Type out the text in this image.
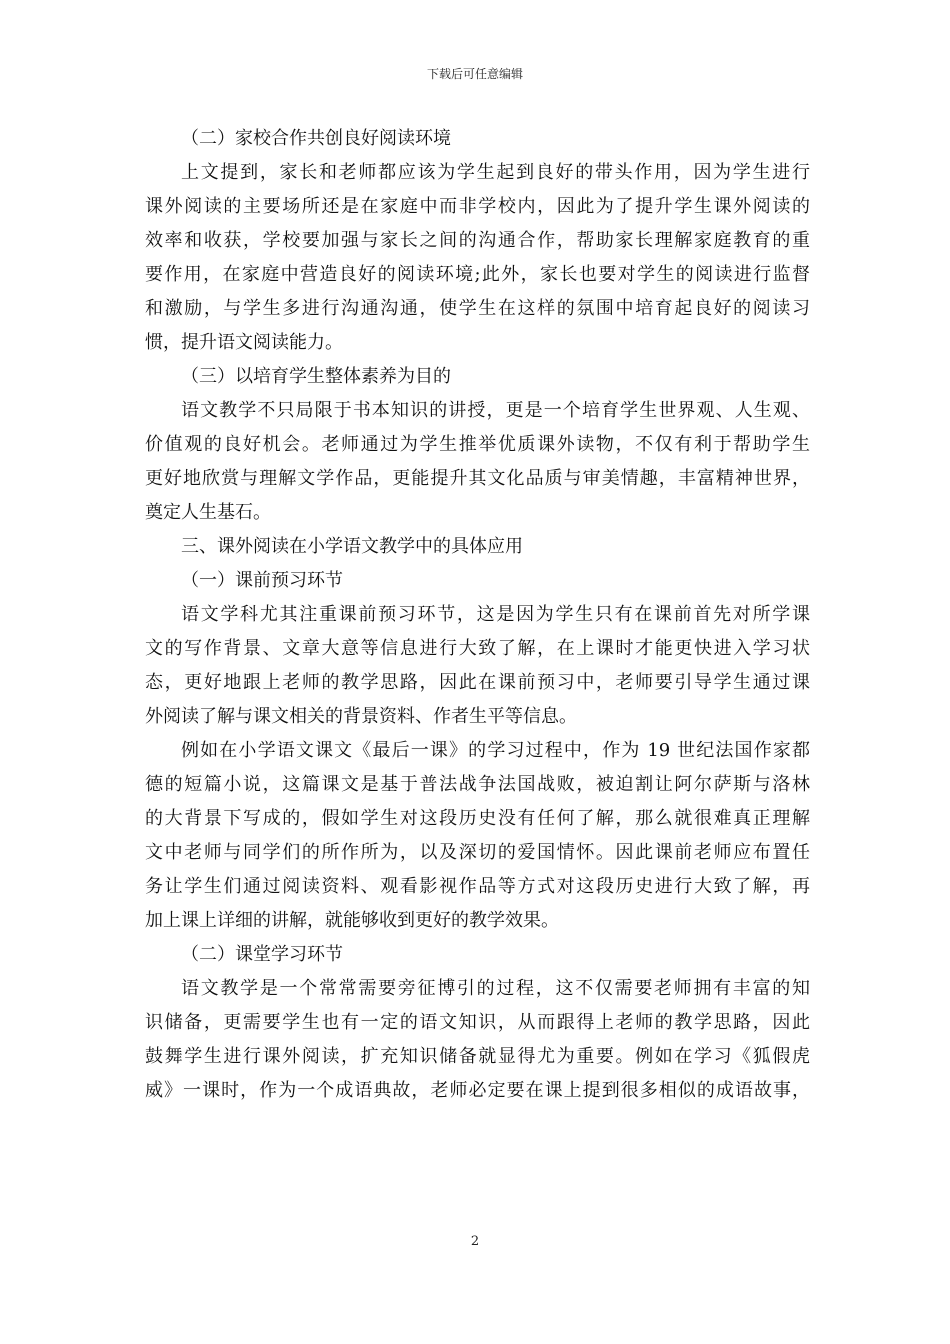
下载后可任意编辑
（二）家校合作共创良好阅读环境
上文提到，家长和老师都应该为学生起到良好的带头作用，因为学生进行
课外阅读的主要场所还是在家庭中而非学校内，因此为了提升学生课外阅读的
效率和收获，学校要加强与家长之间的沟通合作，帮助家长理解家庭教育的重
要作用，在家庭中营造良好的阅读环境;此外，家长也要对学生的阅读进行监督
和激励，与学生多进行沟通沟通，使学生在这样的氛围中培育起良好的阅读习
惯，提升语文阅读能力。
（三）以培育学生整体素养为目的
语文教学不只局限于书本知识的讲授，更是一个培育学生世界观、人生观、
价值观的良好机会。老师通过为学生推举优质课外读物，不仅有利于帮助学生
更好地欣赏与理解文学作品，更能提升其文化品质与审美情趣，丰富精神世界，
奠定人生基石。
三、课外阅读在小学语文教学中的具体应用
（一）课前预习环节
语文学科尤其注重课前预习环节，这是因为学生只有在课前首先对所学课
文的写作背景、文章大意等信息进行大致了解，在上课时才能更快进入学习状
态，更好地跟上老师的教学思路，因此在课前预习中，老师要引导学生通过课
外阅读了解与课文相关的背景资料、作者生平等信息。
例如在小学语文课文《最后一课》的学习过程中，作为 19 世纪法国作家都
德的短篇小说，这篇课文是基于普法战争法国战败，被迫割让阿尔萨斯与洛林
的大背景下写成的，假如学生对这段历史没有任何了解，那么就很难真正理解
文中老师与同学们的所作所为，以及深切的爱国情怀。因此课前老师应布置任
务让学生们通过阅读资料、观看影视作品等方式对这段历史进行大致了解，再
加上课上详细的讲解，就能够收到更好的教学效果。
（二）课堂学习环节
语文教学是一个常常需要旁征博引的过程，这不仅需要老师拥有丰富的知
识储备，更需要学生也有一定的语文知识，从而跟得上老师的教学思路，因此
鼓舞学生进行课外阅读，扩充知识储备就显得尤为重要。例如在学习《狐假虎
威》一课时，作为一个成语典故，老师必定要在课上提到很多相似的成语故事，
2
